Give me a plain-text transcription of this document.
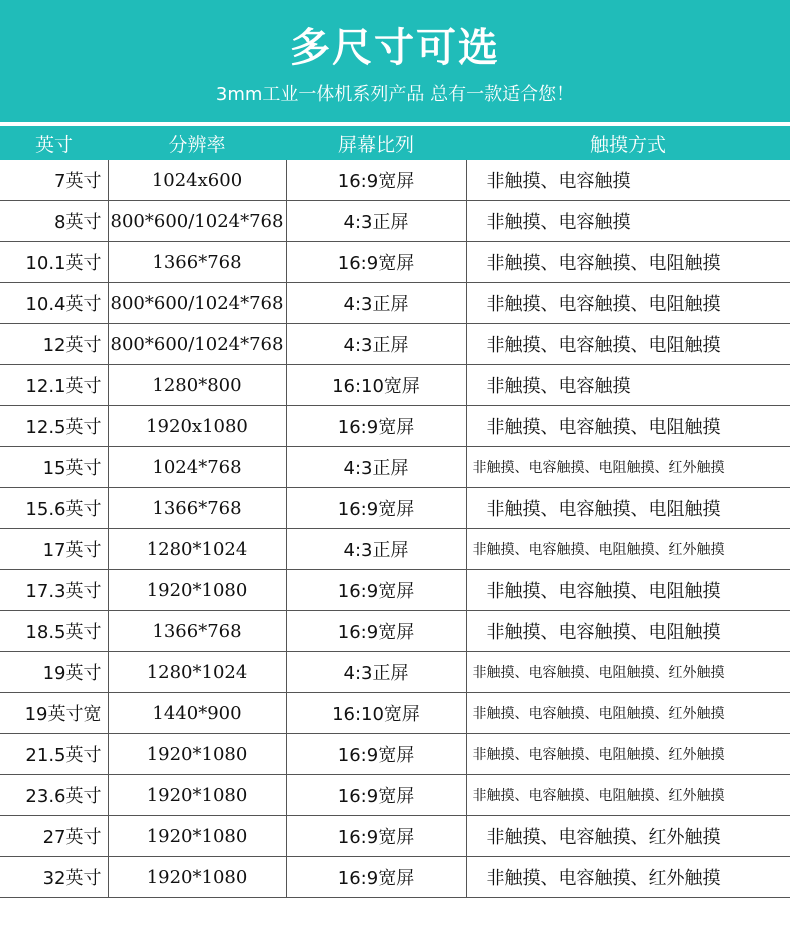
多尺寸可选
3mm工业一体机系列产品 总有一款适合您！
英寸	分辨率	屏幕比列	触摸方式
7英寸	1024x600	16:9宽屏	非触摸、电容触摸
8英寸	800*600/1024*768	4:3正屏	非触摸、电容触摸
10.1英寸	1366*768	16:9宽屏	非触摸、电容触摸、电阻触摸
10.4英寸	800*600/1024*768	4:3正屏	非触摸、电容触摸、电阻触摸
12英寸	800*600/1024*768	4:3正屏	非触摸、电容触摸、电阻触摸
12.1英寸	1280*800	16:10宽屏	非触摸、电容触摸
12.5英寸	1920x1080	16:9宽屏	非触摸、电容触摸、电阻触摸
15英寸	1024*768	4:3正屏	非触摸、电容触摸、电阻触摸、红外触摸
15.6英寸	1366*768	16:9宽屏	非触摸、电容触摸、电阻触摸
17英寸	1280*1024	4:3正屏	非触摸、电容触摸、电阻触摸、红外触摸
17.3英寸	1920*1080	16:9宽屏	非触摸、电容触摸、电阻触摸
18.5英寸	1366*768	16:9宽屏	非触摸、电容触摸、电阻触摸
19英寸	1280*1024	4:3正屏	非触摸、电容触摸、电阻触摸、红外触摸
19英寸宽	1440*900	16:10宽屏	非触摸、电容触摸、电阻触摸、红外触摸
21.5英寸	1920*1080	16:9宽屏	非触摸、电容触摸、电阻触摸、红外触摸
23.6英寸	1920*1080	16:9宽屏	非触摸、电容触摸、电阻触摸、红外触摸
27英寸	1920*1080	16:9宽屏	非触摸、电容触摸、红外触摸
32英寸	1920*1080	16:9宽屏	非触摸、电容触摸、红外触摸
